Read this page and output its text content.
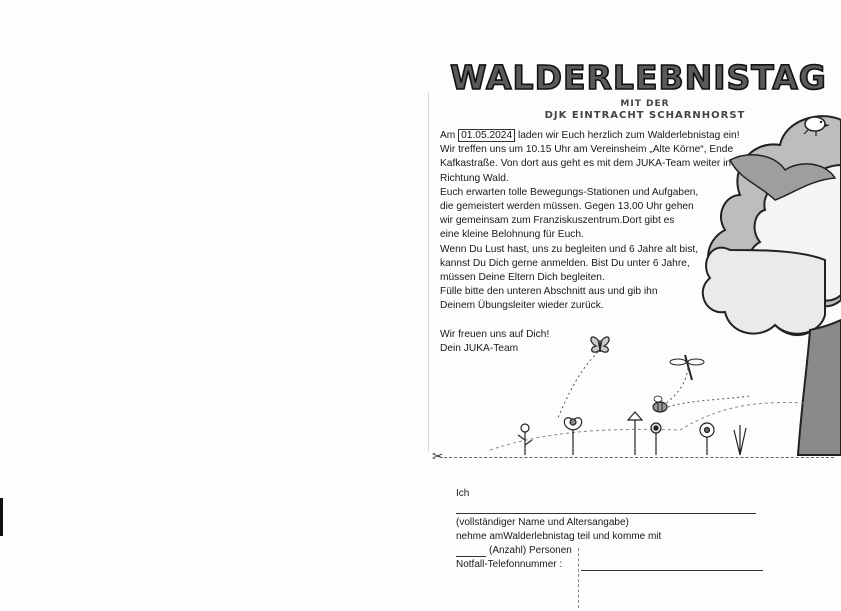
WALDERLEBNISTAG
MIT DER
DJK EINTRACHT SCHARNHORST
Am 01.05.2024 laden wir Euch herzlich zum Walderlebnistag ein!
Wir treffen uns um 10.15 Uhr am Vereinsheim „Alte Körne“, Ende
Kafkastraße. Von dort aus geht es mit dem JUKA-Team weiter in
Richtung Wald.
Euch erwarten tolle Bewegungs-Stationen und Aufgaben,
die gemeistert werden müssen. Gegen 13.00 Uhr gehen
wir gemeinsam zum Franziskuszentrum.Dort gibt es
eine kleine Belohnung für Euch.
Wenn Du Lust hast, uns zu begleiten und 6 Jahre alt bist,
kannst Du Dich gerne anmelden. Bist Du unter 6 Jahre,
müssen Deine Eltern Dich begleiten.
Fülle bitte den unteren Abschnitt aus und gib ihn
Deinem Übungsleiter wieder zurück.
Wir freuen uns auf Dich!
Dein JUKA-Team
✂
Ich
(vollständiger Name und Altersangabe)
nehme amWalderlebnistag teil und komme mit
(Anzahl) Personen
Notfall-Telefonnummer :
